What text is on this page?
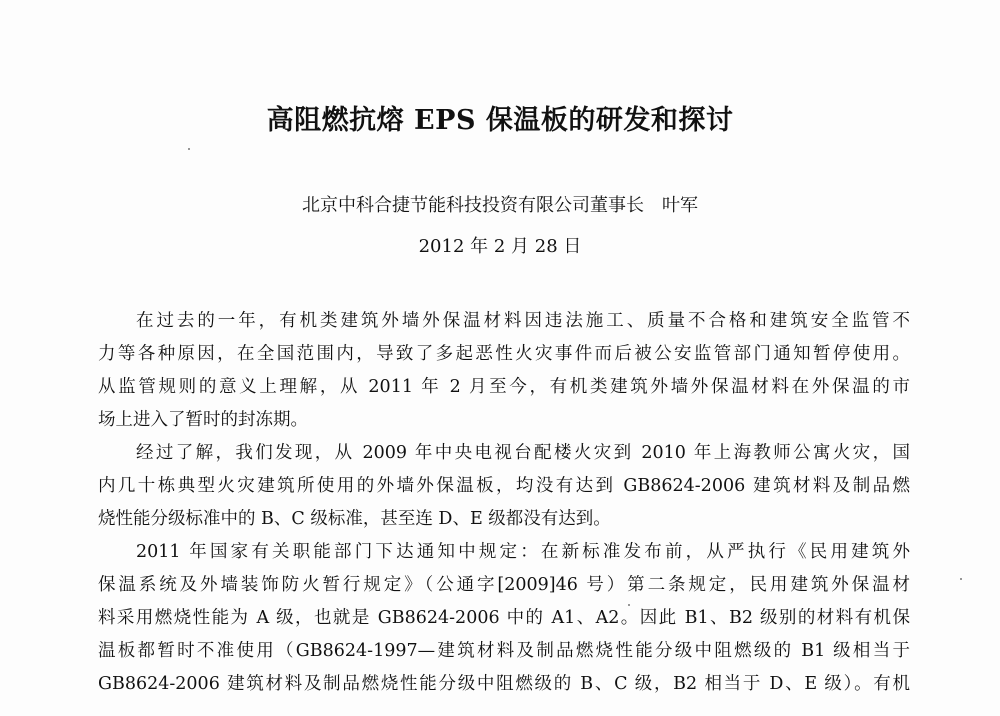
高阻燃抗熔 EPS 保温板的研发和探讨
北京中科合捷节能科技投资有限公司董事长　叶军
2012 年 2 月 28 日
在过去的一年，有机类建筑外墙外保温材料因违法施工、质量不合格和建筑安全监管不
力等各种原因，在全国范围内，导致了多起恶性火灾事件而后被公安监管部门通知暂停使用。
从监管规则的意义上理解，从 2011 年 2 月至今，有机类建筑外墙外保温材料在外保温的市
场上进入了暂时的封冻期。
经过了解，我们发现，从 2009 年中央电视台配楼火灾到 2010 年上海教师公寓火灾，国
内几十栋典型火灾建筑所使用的外墙外保温板，均没有达到 GB8624-2006 建筑材料及制品燃
烧性能分级标准中的 B、C 级标准，甚至连 D、E 级都没有达到。
2011 年国家有关职能部门下达通知中规定：在新标准发布前，从严执行《民用建筑外
保温系统及外墙装饰防火暂行规定》（公通字[2009]46 号）第二条规定，民用建筑外保温材
料采用燃烧性能为 A 级，也就是 GB8624-2006 中的 A1、A2。因此 B1、B2 级别的材料有机保
温板都暂时不准使用（GB8624-1997—建筑材料及制品燃烧性能分级中阻燃级的 B1 级相当于
GB8624-2006 建筑材料及制品燃烧性能分级中阻燃级的 B、C 级，B2 相当于 D、E 级）。有机
